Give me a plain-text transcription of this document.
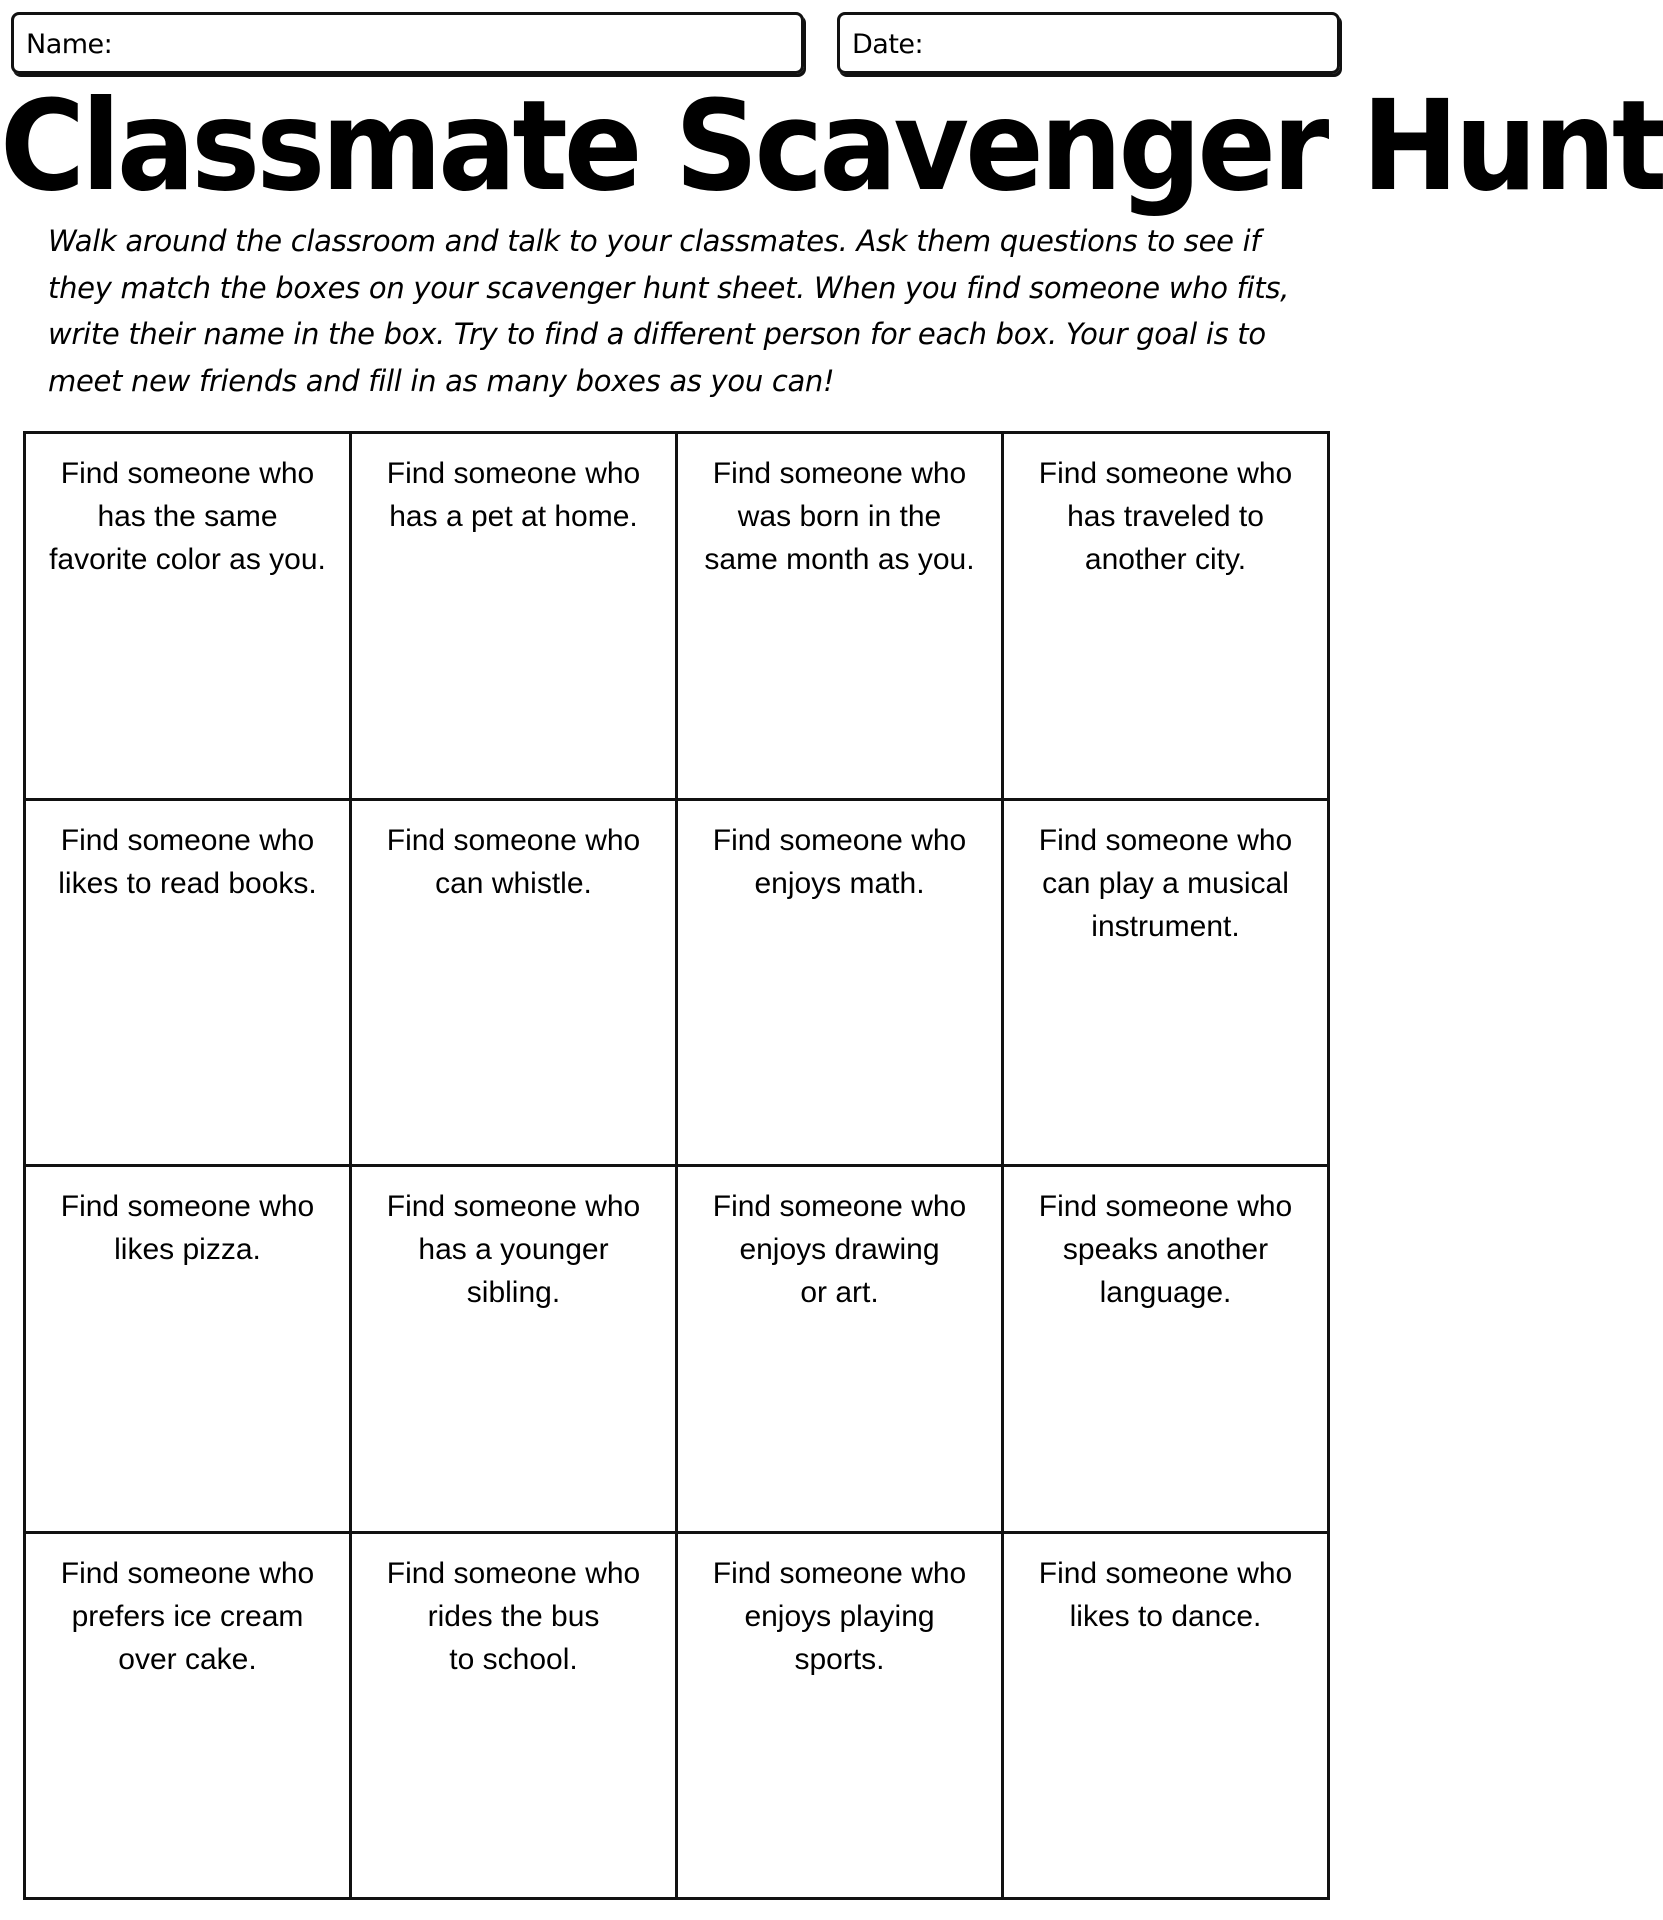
Name:	Date:
Classmate Scavenger Hunt
Walk around the classroom and talk to your classmates. Ask them questions to see if they match the boxes on your scavenger hunt sheet. When you find someone who fits, write their name in the box. Try to find a different person for each box. Your goal is to meet new friends and fill in as many boxes as you can!
Find someone who
has the same
favorite color as you.
Find someone who
has a pet at home.
Find someone who
was born in the
same month as you.
Find someone who
has traveled to
another city.
Find someone who
likes to read books.
Find someone who
can whistle.
Find someone who
enjoys math.
Find someone who
can play a musical
instrument.
Find someone who
likes pizza.
Find someone who
has a younger
sibling.
Find someone who
enjoys drawing
or art.
Find someone who
speaks another
language.
Find someone who
prefers ice cream
over cake.
Find someone who
rides the bus
to school.
Find someone who
enjoys playing
sports.
Find someone who
likes to dance.
